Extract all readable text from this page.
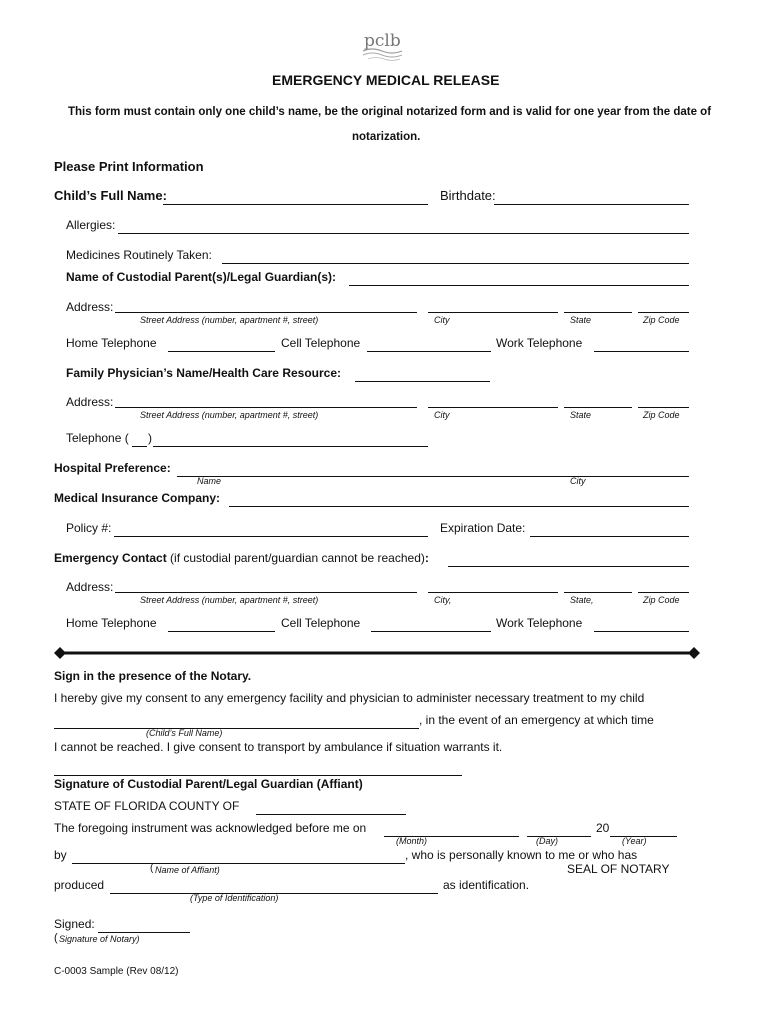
pclb
EMERGENCY MEDICAL RELEASE
This form must contain only one child’s name, be the original notarized form and is valid for one year from the date of
notarization.
Please Print Information
Child’s Full Name:	Birthdate:
Allergies:
Medicines Routinely Taken:
Name of Custodial Parent(s)/Legal Guardian(s):
Address:
Street Address (number, apartment #, street)	City	State	Zip Code
Home Telephone	Cell Telephone	Work Telephone
Family Physician’s Name/Health Care Resource:
Address:
Street Address (number, apartment #, street)	City	State	Zip Code
Telephone ( )
Hospital Preference:
Name	City
Medical Insurance Company:
Policy #:	Expiration Date:
Emergency Contact (if custodial parent/guardian cannot be reached):
Address:
Street Address (number, apartment #, street)	City,	State,	Zip Code
Home Telephone	Cell Telephone	Work Telephone
Sign in the presence of the Notary.
I hereby give my consent to any emergency facility and physician to administer necessary treatment to my child
, in the event of an emergency at which time
(Child’s Full Name)
I cannot be reached. I give consent to transport by ambulance if situation warrants it.
Signature of Custodial Parent/Legal Guardian (Affiant)
STATE OF FLORIDA COUNTY OF
The foregoing instrument was acknowledged before me on	20
(Month)	(Day)	(Year)
by	, who is personally known to me or who has
( Name of Affiant)	SEAL OF NOTARY
produced	as identification.
(Type of Identification)
Signed:
( Signature of Notary)
C-0003 Sample (Rev 08/12)
